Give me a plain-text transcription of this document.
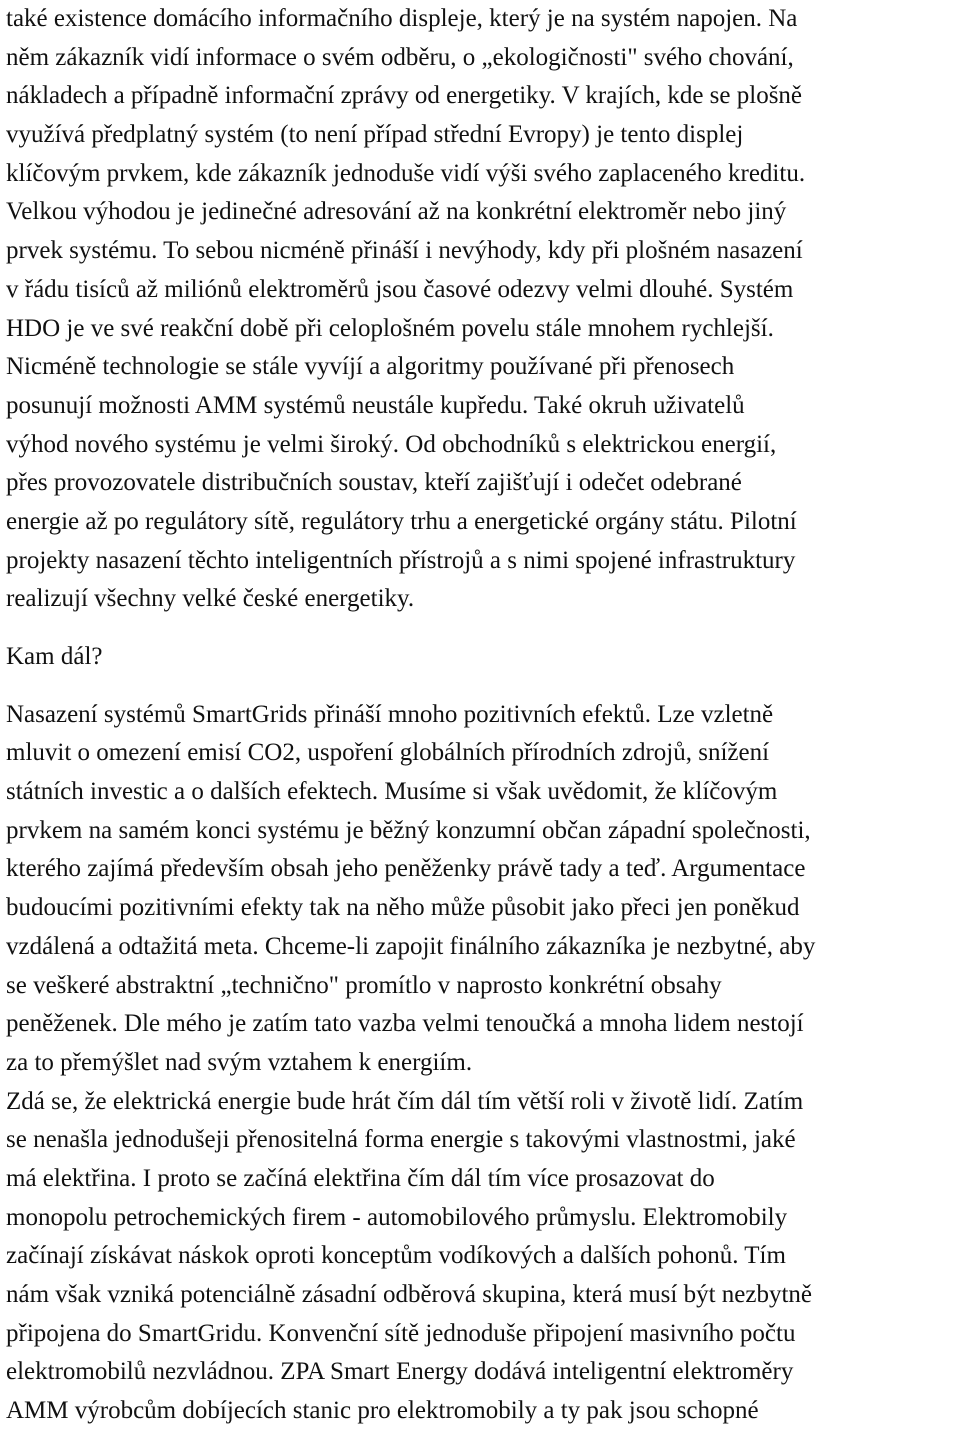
také existence domácího informačního displeje, který je na systém napojen. Na
něm zákazník vidí informace o svém odběru, o „ekologičnosti" svého chování,
nákladech a případně informační zprávy od energetiky. V krajích, kde se plošně
využívá předplatný systém (to není případ střední Evropy) je tento displej
klíčovým prvkem, kde zákazník jednoduše vidí výši svého zaplaceného kreditu.
Velkou výhodou je jedinečné adresování až na konkrétní elektroměr nebo jiný
prvek systému. To sebou nicméně přináší i nevýhody, kdy při plošném nasazení
v řádu tisíců až miliónů elektroměrů jsou časové odezvy velmi dlouhé. Systém
HDO je ve své reakční době při celoplošném povelu stále mnohem rychlejší.
Nicméně technologie se stále vyvíjí a algoritmy používané při přenosech
posunují možnosti AMM systémů neustále kupředu. Také okruh uživatelů
výhod nového systému je velmi široký. Od obchodníků s elektrickou energií,
přes provozovatele distribučních soustav, kteří zajišťují i odečet odebrané
energie až po regulátory sítě, regulátory trhu a energetické orgány státu. Pilotní
projekty nasazení těchto inteligentních přístrojů a s nimi spojené infrastruktury
realizují všechny velké české energetiky.

Kam dál?

Nasazení systémů SmartGrids přináší mnoho pozitivních efektů. Lze vzletně
mluvit o omezení emisí CO2, uspoření globálních přírodních zdrojů, snížení
státních investic a o dalších efektech. Musíme si však uvědomit, že klíčovým
prvkem na samém konci systému je běžný konzumní občan západní společnosti,
kterého zajímá především obsah jeho peněženky právě tady a teď. Argumentace
budoucími pozitivními efekty tak na něho může působit jako přeci jen poněkud
vzdálená a odtažitá meta. Chceme-li zapojit finálního zákazníka je nezbytné, aby
se veškeré abstraktní „technično" promítlo v naprosto konkrétní obsahy
peněženek. Dle mého je zatím tato vazba velmi tenoučká a mnoha lidem nestojí
za to přemýšlet nad svým vztahem k energiím.

Zdá se, že elektrická energie bude hrát čím dál tím větší roli v životě lidí. Zatím
se nenašla jednodušeji přenositelná forma energie s takovými vlastnostmi, jaké
má elektřina. I proto se začíná elektřina čím dál tím více prosazovat do
monopolu petrochemických firem - automobilového průmyslu. Elektromobily
začínají získávat náskok oproti konceptům vodíkových a dalších pohonů. Tím
nám však vzniká potenciálně zásadní odběrová skupina, která musí být nezbytně
připojena do SmartGridu. Konvenční sítě jednoduše připojení masivního počtu
elektromobilů nezvládnou. ZPA Smart Energy dodává inteligentní elektroměry
AMM výrobcům dobíjecích stanic pro elektromobily a ty pak jsou schopné
